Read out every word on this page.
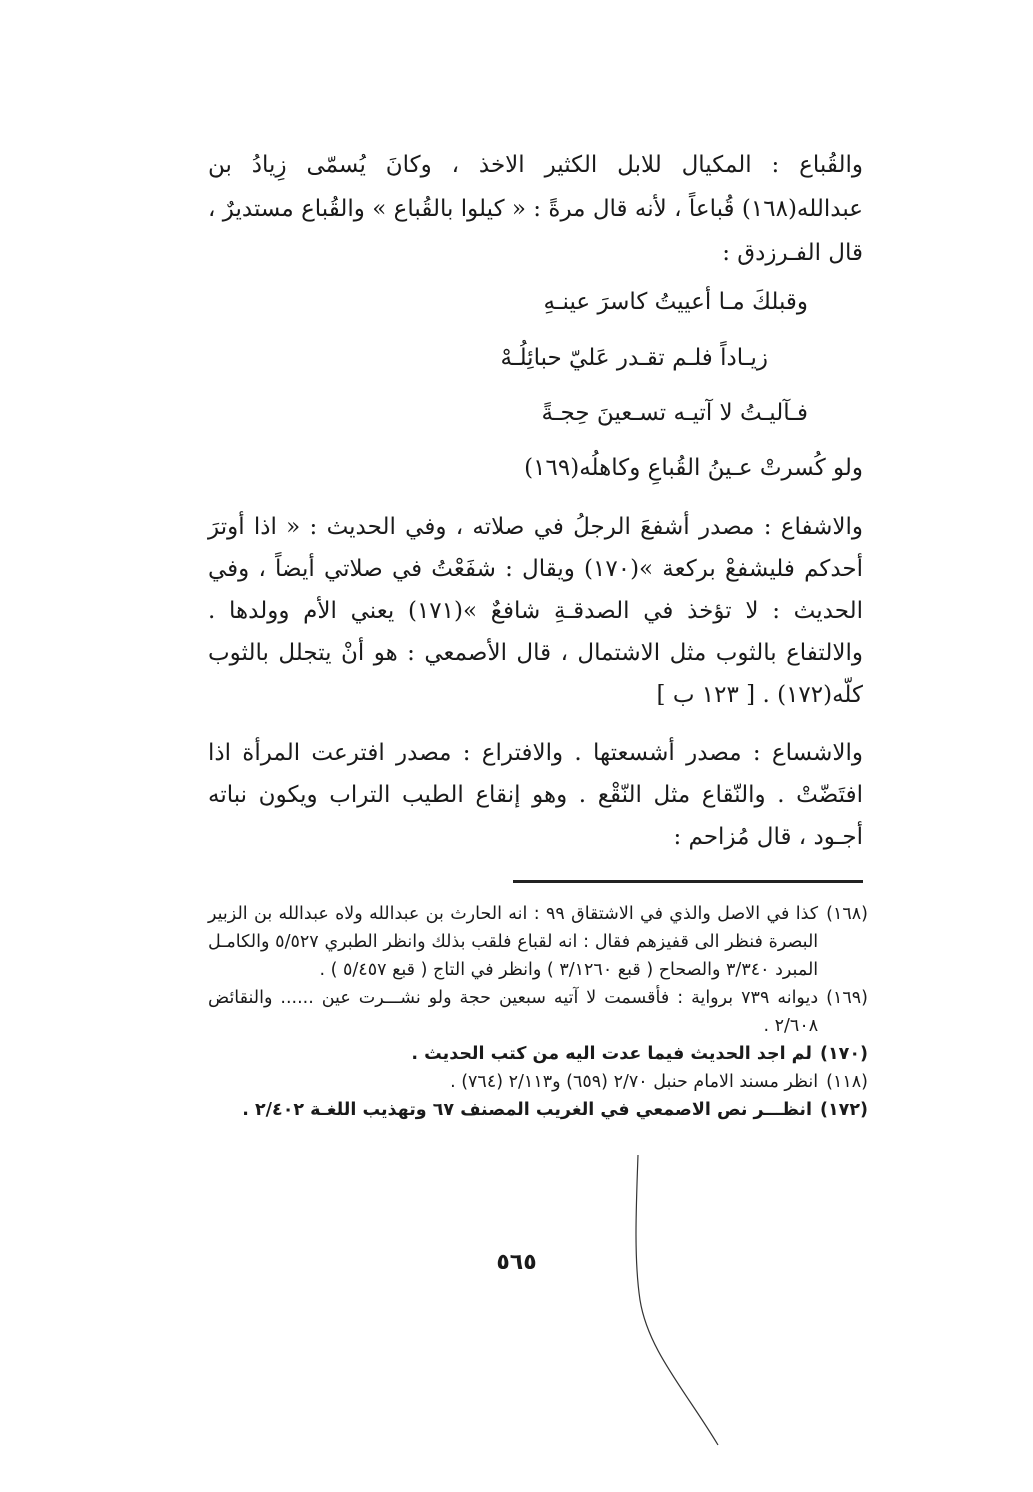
والقُباع : المكيال للابل الكثير الاخذ ، وكانَ يُسمّى زِيادُ بن عبدالله(١٦٨) قُباعاً ، لأنه قال مرةً : « كيلوا بالقُباع » والقُباع مستديرٌ ، قال الفـرزدق :

وقبلكَ مـا أعييتُ كاسرَ عينـهِ
زيـاداً فلـم تقـدر عَليّ حبائِلُـهْ
فـآليـتُ لا آتيـه تسـعينَ حِجـةً
ولو كُسرتْ عـينُ القُباعِ وكاهلُه(١٦٩)

والاشفاع : مصدر أشفعَ الرجلُ في صلاته ، وفي الحديث : « اذا أوترَ أحدكم فليشفعْ بركعة »(١٧٠) ويقال : شفَعْتُ في صلاتي أيضاً ، وفي الحديث : لا تؤخذ في الصدقـةِ شافعٌ »(١٧١) يعني الأم وولدها . والالتفاع بالثوب مثل الاشتمال ، قال الأصمعي : هو أنْ يتجلل بالثوب كلّه(١٧٢) . [ ١٢٣ ب ]

والاشساع : مصدر أشسعتها . والافتراع : مصدر افترعت المرأة اذا افتَضّتْ . والنّقاع مثل النّقْع . وهو إنقاع الطيب التراب ويكون نباته أجـود ، قال مُزاحم :

(١٦٨)
كذا في الاصل والذي في الاشتقاق ٩٩ : انه الحارث بن عبدالله ولاه عبدالله بن الزبير البصرة فنظر الى قفيزهم فقال : انه لقباع فلقب بذلك وانظر الطبري ٥/٥٢٧ والكامـل المبرد ٣/٣٤٠ والصحاح ( قبع ٣/١٢٦٠ ) وانظر في التاج ( قبع ٥/٤٥٧ ) .
(١٦٩)
ديوانه ٧٣٩ برواية : فأقسمت لا آتيه سبعين حجة ولو نشـــرت عين ...... والنقائض ٢/٦٠٨ .
(١٧٠)
لم اجد الحديث فيما عدت اليه من كتب الحديث .
(١١٨)
انظر مسند الامام حنبل ٢/٧٠ (٦٥٩) و٢/١١٣ (٧٦٤) .
(١٧٢)
انظـــر نص الاصمعي في الغريب المصنف ٦٧ وتهذيب اللغـة ٢/٤٠٢ .
٥٦٥
